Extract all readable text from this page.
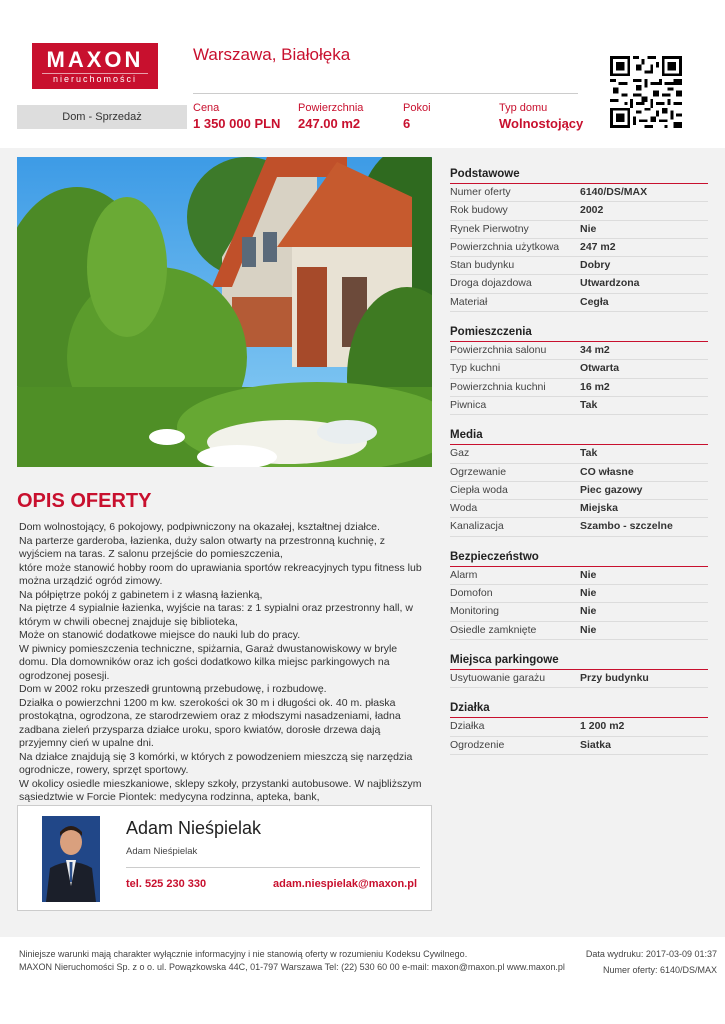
MAXON
nieruchomości
Warszawa, Białołęka
Dom - Sprzedaż
Cena
1 350 000 PLN
Powierzchnia
247.00 m2
Pokoi
6
Typ domu
Wolnostojący
OPIS OFERTY
Dom wolnostojący, 6 pokojowy, podpiwniczony na okazałej, kształtnej działce.
Na parterze garderoba, łazienka, duży salon otwarty na przestronną kuchnię, z wyjściem na taras. Z salonu przejście do pomieszczenia,
które może stanowić hobby room do uprawiania sportów rekreacyjnych typu fitness lub można urządzić ogród zimowy.
Na półpiętrze pokój z gabinetem i z własną łazienką,
Na piętrze 4 sypialnie łazienka, wyjście na taras: z 1 sypialni oraz przestronny hall, w którym w chwili obecnej znajduje się biblioteka,
Może on stanowić dodatkowe miejsce do nauki lub do pracy.
W piwnicy pomieszczenia techniczne, spiżarnia, Garaż dwustanowiskowy w bryle domu. Dla domowników oraz ich gości dodatkowo kilka miejsc parkingowych na ogrodzonej posesji.
Dom w 2002 roku przeszedł gruntowną przebudowę, i rozbudowę.
Działka o powierzchni 1200 m kw. szerokości ok 30 m i długości ok. 40 m. płaska prostokątna, ogrodzona, ze starodrzewiem oraz z młodszymi nasadzeniami, ładna zadbana zieleń przysparza działce uroku, sporo kwiatów, dorosłe drzewa dają przyjemny cień w upalne dni.
Na działce znajdują się 3 komórki, w których z powodzeniem mieszczą się narzędzia ogrodnicze, rowery, sprzęt sportowy.
W okolicy osiedle mieszkaniowe, sklepy szkoły, przystanki autobusowe. W najbliższym sąsiedztwie w Forcie Piontek: medycyna rodzinna, apteka, bank,
Adam Nieśpielak
Adam Nieśpielak
tel. 525 230 330	adam.niespielak@maxon.pl
Podstawowe
Numer oferty	6140/DS/MAX
Rok budowy	2002
Rynek Pierwotny	Nie
Powierzchnia użytkowa	247 m2
Stan budynku	Dobry
Droga dojazdowa	Utwardzona
Materiał	Cegła
Pomieszczenia
Powierzchnia salonu	34 m2
Typ kuchni	Otwarta
Powierzchnia kuchni	16 m2
Piwnica	Tak
Media
Gaz	Tak
Ogrzewanie	CO własne
Ciepła woda	Piec gazowy
Woda	Miejska
Kanalizacja	Szambo - szczelne
Bezpieczeństwo
Alarm	Nie
Domofon	Nie
Monitoring	Nie
Osiedle zamknięte	Nie
Miejsca parkingowe
Usytuowanie garażu	Przy budynku
Działka
Działka	1 200 m2
Ogrodzenie	Siatka
Niniejsze warunki mają charakter wyłącznie informacyjny i nie stanowią oferty w rozumieniu Kodeksu Cywilnego.
MAXON Nieruchomości Sp. z o o. ul. Powązkowska 44C, 01-797 Warszawa Tel: (22) 530 60 00 e-mail: maxon@maxon.pl www.maxon.pl
Data wydruku: 2017-03-09 01:37
Numer oferty: 6140/DS/MAX
